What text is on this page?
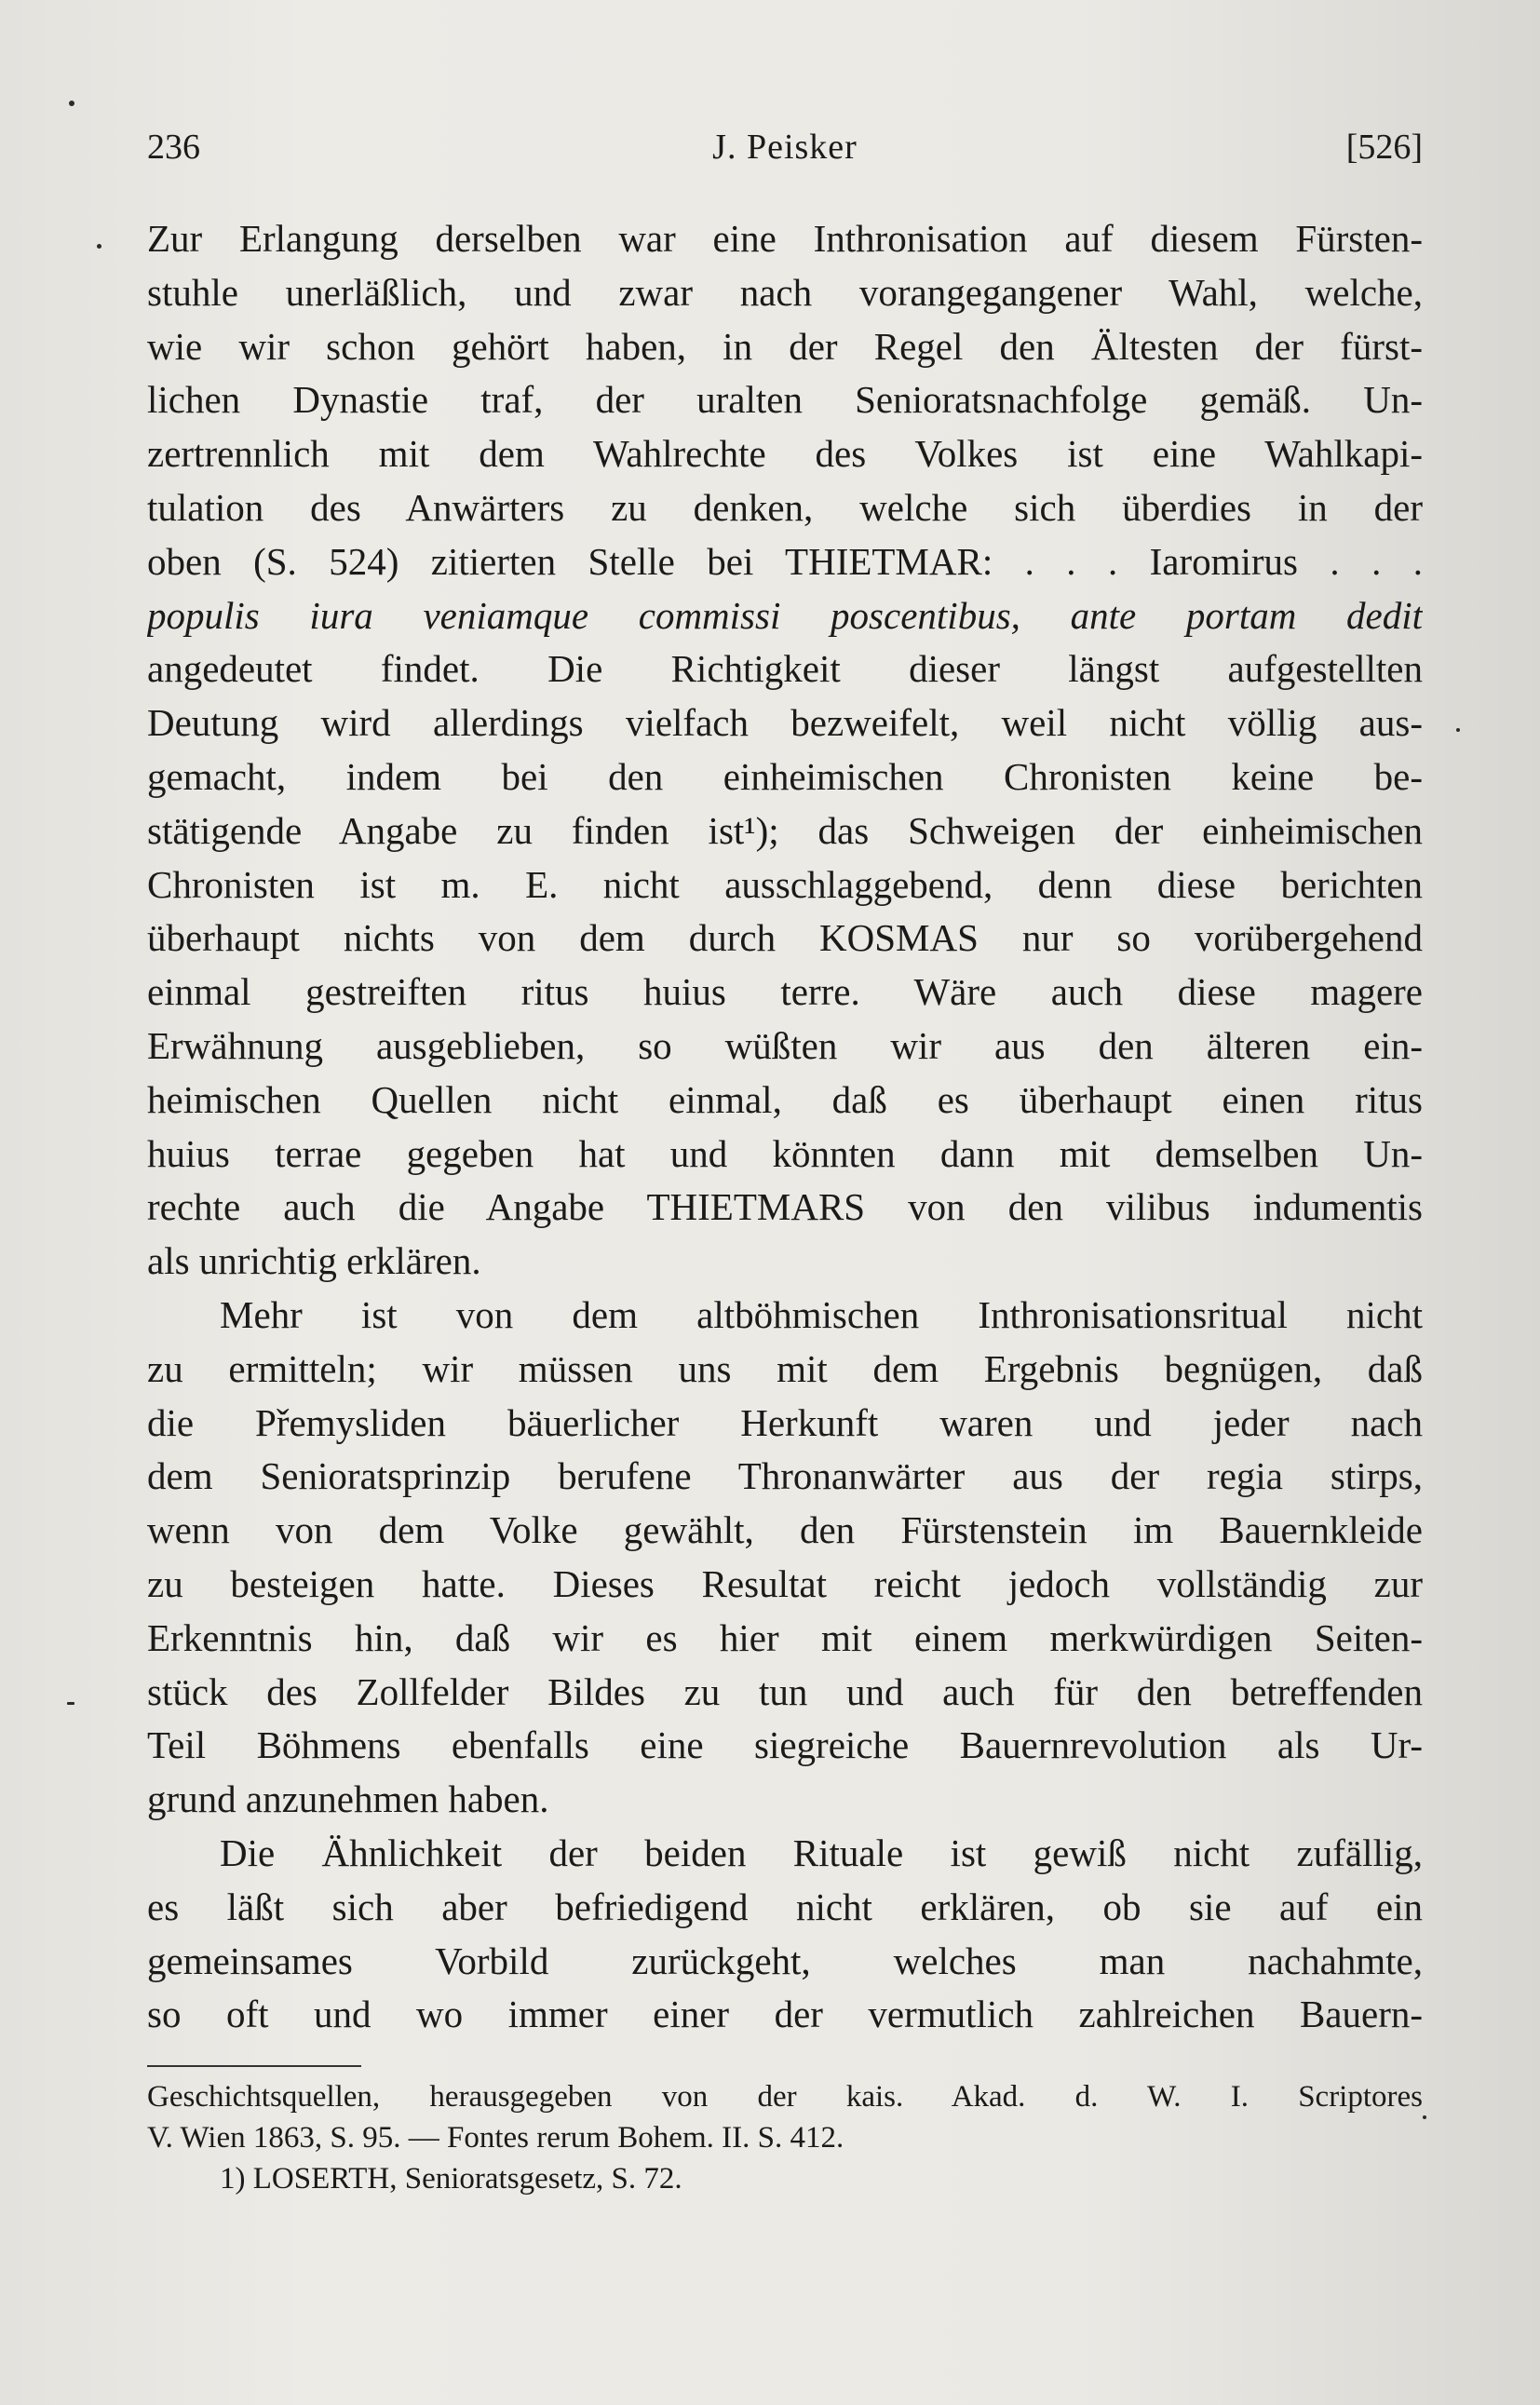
236	J. Peisker	[526]
Zur Erlangung derselben war eine Inthronisation auf diesem Fürsten-
stuhle unerläßlich, und zwar nach vorangegangener Wahl, welche,
wie wir schon gehört haben, in der Regel den Ältesten der fürst-
lichen Dynastie traf, der uralten Senioratsnachfolge gemäß. Un-
zertrennlich mit dem Wahlrechte des Volkes ist eine Wahlkapi-
tulation des Anwärters zu denken, welche sich überdies in der
oben (S. 524) zitierten Stelle bei THIETMAR: . . . Iaromirus . . .
populis iura veniamque commissi poscentibus, ante portam dedit
angedeutet findet. Die Richtigkeit dieser längst aufgestellten
Deutung wird allerdings vielfach bezweifelt, weil nicht völlig aus-
gemacht, indem bei den einheimischen Chronisten keine be-
stätigende Angabe zu finden ist¹); das Schweigen der einheimischen
Chronisten ist m. E. nicht ausschlaggebend, denn diese berichten
überhaupt nichts von dem durch KOSMAS nur so vorübergehend
einmal gestreiften ritus huius terre. Wäre auch diese magere
Erwähnung ausgeblieben, so wüßten wir aus den älteren ein-
heimischen Quellen nicht einmal, daß es überhaupt einen ritus
huius terrae gegeben hat und könnten dann mit demselben Un-
rechte auch die Angabe THIETMARS von den vilibus indumentis
als unrichtig erklären.
Mehr ist von dem altböhmischen Inthronisationsritual nicht
zu ermitteln; wir müssen uns mit dem Ergebnis begnügen, daß
die Přemysliden bäuerlicher Herkunft waren und jeder nach
dem Senioratsprinzip berufene Thronanwärter aus der regia stirps,
wenn von dem Volke gewählt, den Fürstenstein im Bauernkleide
zu besteigen hatte. Dieses Resultat reicht jedoch vollständig zur
Erkenntnis hin, daß wir es hier mit einem merkwürdigen Seiten-
stück des Zollfelder Bildes zu tun und auch für den betreffenden
Teil Böhmens ebenfalls eine siegreiche Bauernrevolution als Ur-
grund anzunehmen haben.
Die Ähnlichkeit der beiden Rituale ist gewiß nicht zufällig,
es läßt sich aber befriedigend nicht erklären, ob sie auf ein
gemeinsames Vorbild zurückgeht, welches man nachahmte,
so oft und wo immer einer der vermutlich zahlreichen Bauern-
Geschichtsquellen, herausgegeben von der kais. Akad. d. W. I. Scriptores
V. Wien 1863, S. 95. — Fontes rerum Bohem. II. S. 412.
1) LOSERTH, Senioratsgesetz, S. 72.
